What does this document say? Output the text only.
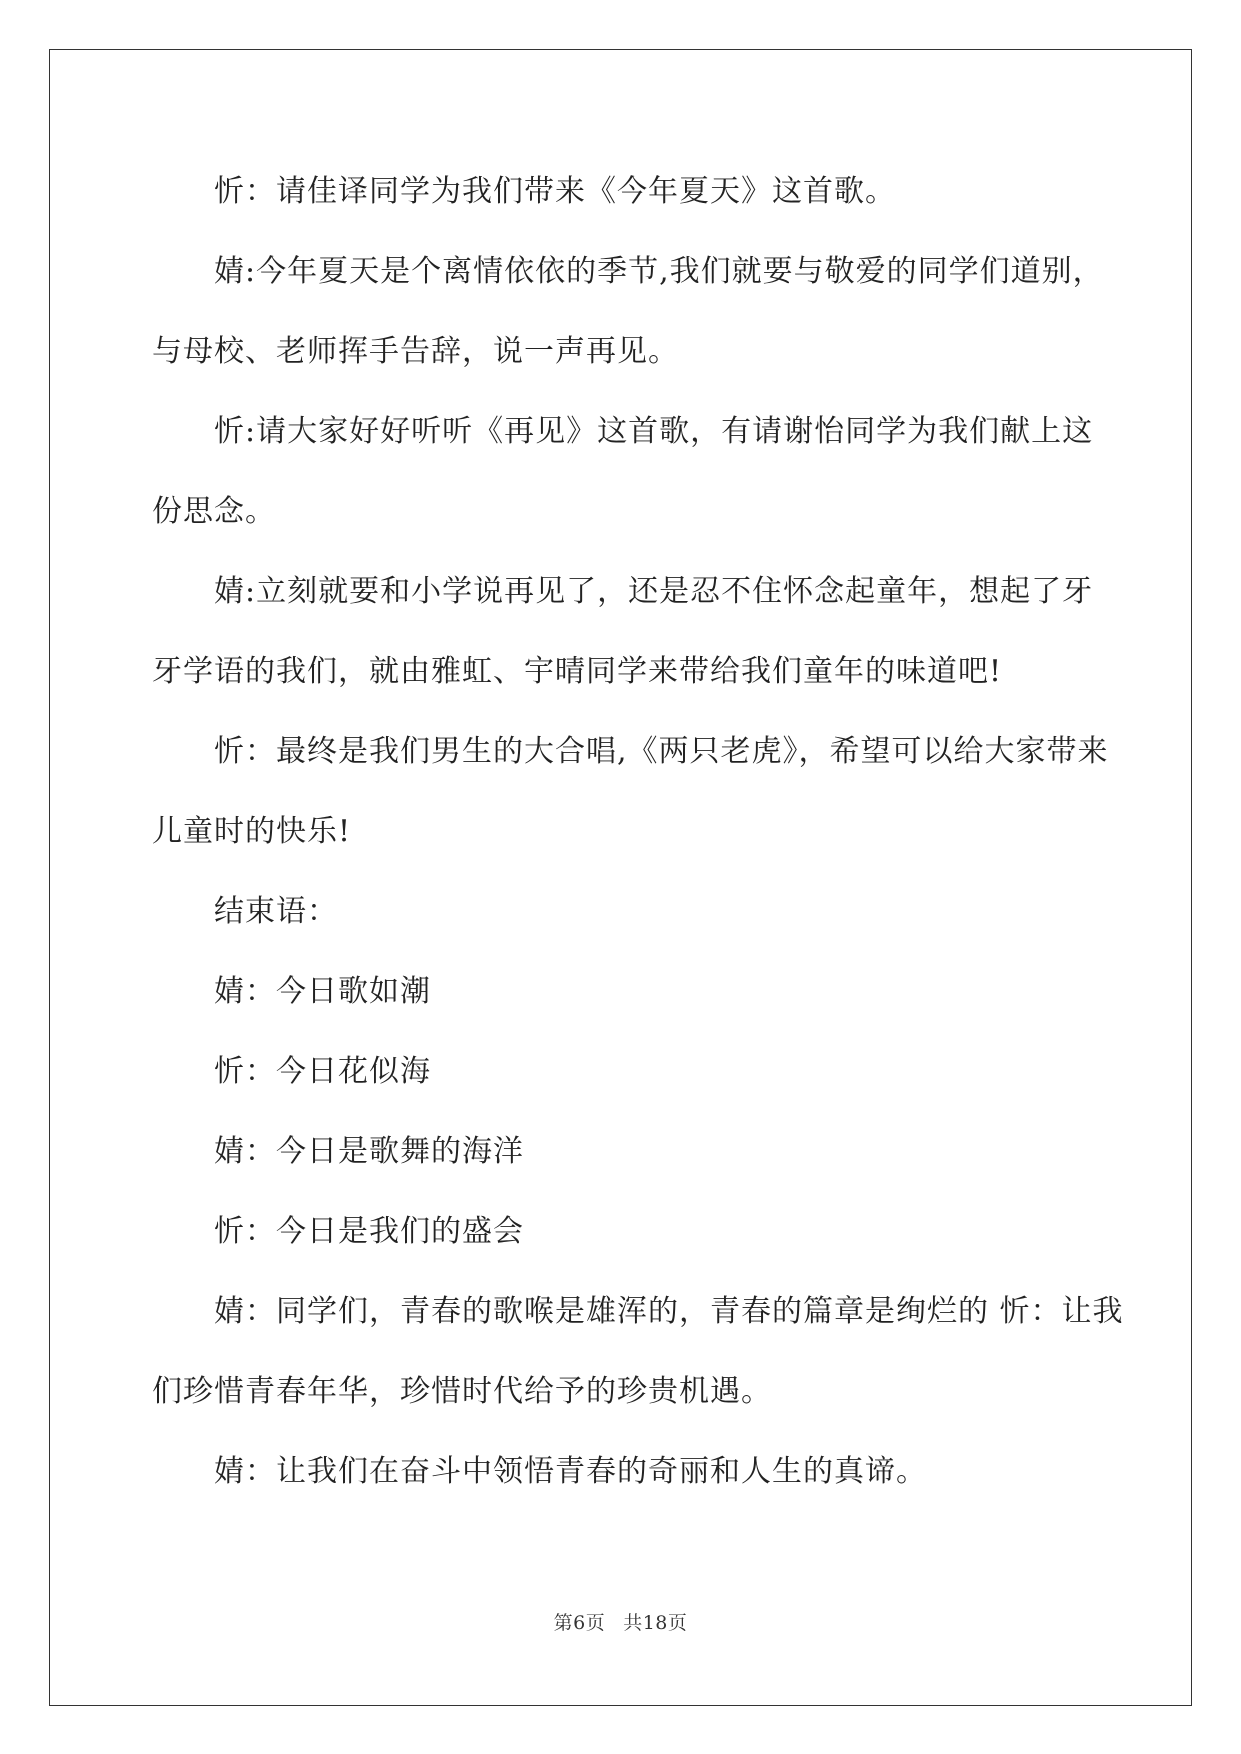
忻：请佳译同学为我们带来《今年夏天》这首歌。

婧:今年夏天是个离情依依的季节,我们就要与敬爱的同学们道别，与母校、老师挥手告辞，说一声再见。

忻:请大家好好听听《再见》这首歌，有请谢怡同学为我们献上这份思念。

婧:立刻就要和小学说再见了，还是忍不住怀念起童年，想起了牙牙学语的我们，就由雅虹、宇晴同学来带给我们童年的味道吧!

忻：最终是我们男生的大合唱,《两只老虎》，希望可以给大家带来儿童时的快乐!

结束语：

婧：今日歌如潮

忻：今日花似海

婧：今日是歌舞的海洋

忻：今日是我们的盛会

婧：同学们，青春的歌喉是雄浑的，青春的篇章是绚烂的 忻：让我们珍惜青春年华，珍惜时代给予的珍贵机遇。

婧：让我们在奋斗中领悟青春的奇丽和人生的真谛。

第6页 共18页
